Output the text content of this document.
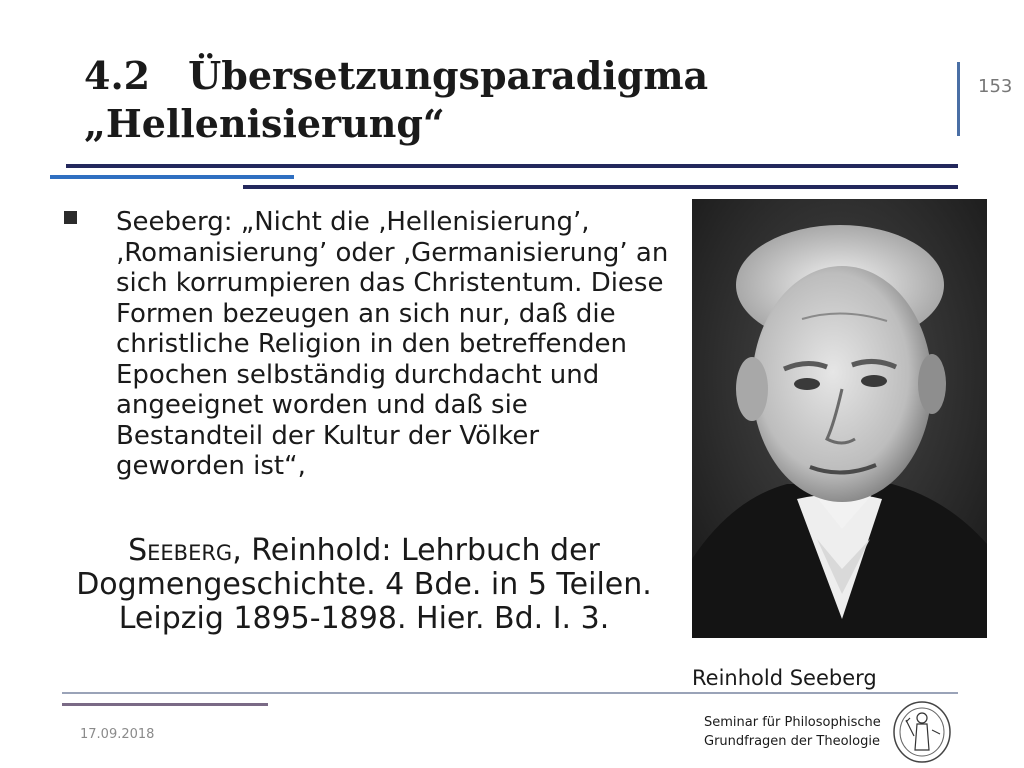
4.2 Übersetzungsparadigma
„Hellenisierung“
153
Seeberg: „Nicht die ‚Hellenisierung’, ‚Romanisierung’ oder ‚Germanisierung’ an sich korrumpieren das Christentum. Diese Formen bezeugen an sich nur, daß die christliche Religion in den betreffenden Epochen selbständig durchdacht und angeeignet worden und daß sie Bestandteil der Kultur der Völker geworden ist“,
Seeberg, Reinhold: Lehrbuch der Dogmengeschichte. 4 Bde. in 5 Teilen. Leipzig 1895-1898. Hier. Bd. I. 3.
Reinhold Seeberg
17.09.2018
Seminar für Philosophische
Grundfragen der Theologie
